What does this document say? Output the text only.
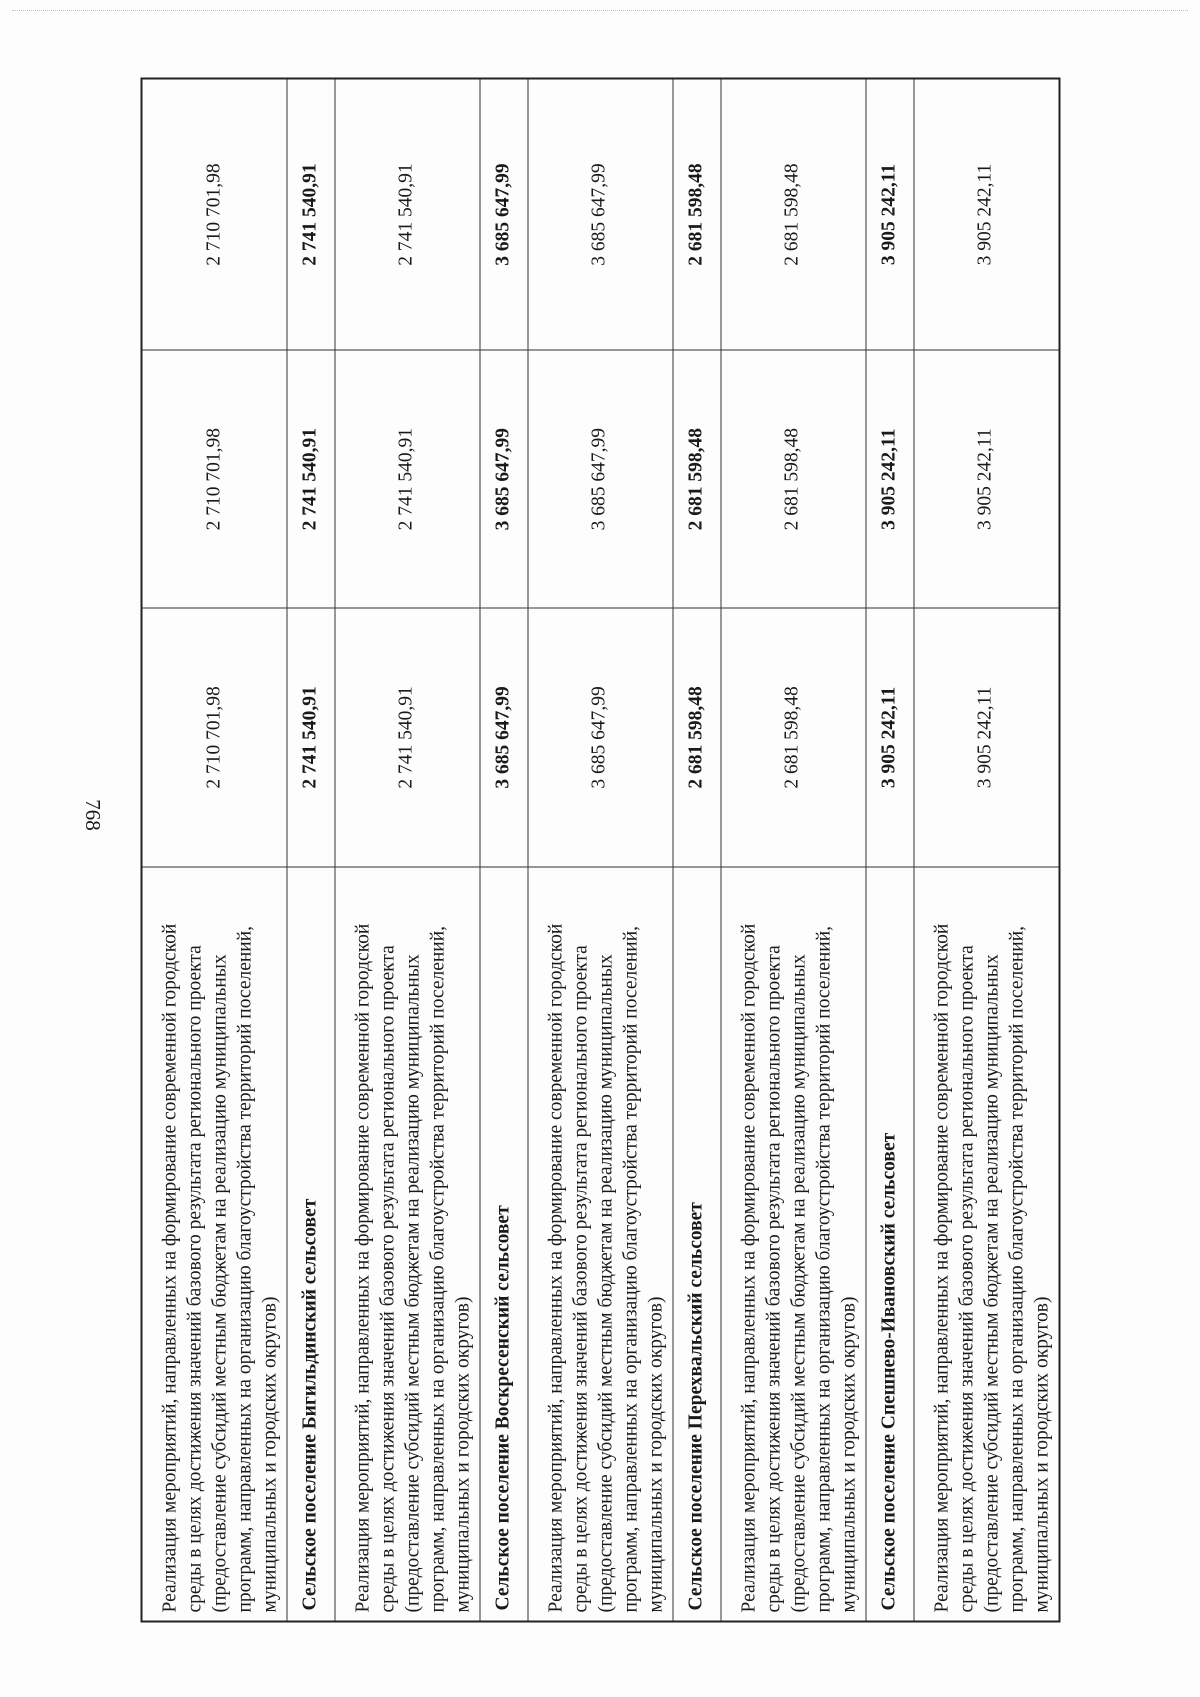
768
Реализация мероприятий, направленных на формирование современной городской среды в целях достижения значений базового результата регионального проекта (предоставление субсидий местным бюджетам на реализацию муниципальных программ, направленных на организацию благоустройства территорий поселений, муниципальных и городских округов)	2 710 701,98	2 710 701,98	2 710 701,98
Сельское поселение Бигильдинский сельсовет	2 741 540,91	2 741 540,91	2 741 540,91
Реализация мероприятий, направленных на формирование современной городской среды в целях достижения значений базового результата регионального проекта (предоставление субсидий местным бюджетам на реализацию муниципальных программ, направленных на организацию благоустройства территорий поселений, муниципальных и городских округов)	2 741 540,91	2 741 540,91	2 741 540,91
Сельское поселение Воскресенский сельсовет	3 685 647,99	3 685 647,99	3 685 647,99
Реализация мероприятий, направленных на формирование современной городской среды в целях достижения значений базового результата регионального проекта (предоставление субсидий местным бюджетам на реализацию муниципальных программ, направленных на организацию благоустройства территорий поселений, муниципальных и городских округов)	3 685 647,99	3 685 647,99	3 685 647,99
Сельское поселение Перехвальский сельсовет	2 681 598,48	2 681 598,48	2 681 598,48
Реализация мероприятий, направленных на формирование современной городской среды в целях достижения значений базового результата регионального проекта (предоставление субсидий местным бюджетам на реализацию муниципальных программ, направленных на организацию благоустройства территорий поселений, муниципальных и городских округов)	2 681 598,48	2 681 598,48	2 681 598,48
Сельское поселение Спешнево-Ивановский сельсовет	3 905 242,11	3 905 242,11	3 905 242,11
Реализация мероприятий, направленных на формирование современной городской среды в целях достижения значений базового результата регионального проекта (предоставление субсидий местным бюджетам на реализацию муниципальных программ, направленных на организацию благоустройства территорий поселений, муниципальных и городских округов)	3 905 242,11	3 905 242,11	3 905 242,11
